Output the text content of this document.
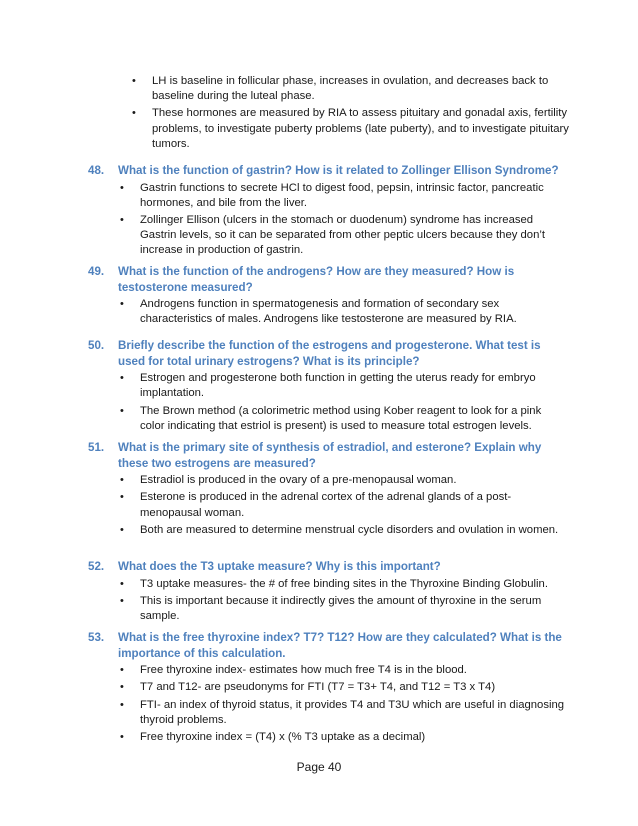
• LH is baseline in follicular phase, increases in ovulation, and decreases back to baseline during the luteal phase.
• These hormones are measured by RIA to assess pituitary and gonadal axis, fertility problems, to investigate puberty problems (late puberty), and to investigate pituitary tumors.
48.	What is the function of gastrin? How is it related to Zollinger Ellison Syndrome?
• Gastrin functions to secrete HCl to digest food, pepsin, intrinsic factor, pancreatic hormones, and bile from the liver.
• Zollinger Ellison (ulcers in the stomach or duodenum) syndrome has increased Gastrin levels, so it can be separated from other peptic ulcers because they don’t increase in production of gastrin.
49.	What is the function of the androgens? How are they measured? How is testosterone measured?
• Androgens function in spermatogenesis and formation of secondary sex characteristics of males. Androgens like testosterone are measured by RIA.
50.	Briefly describe the function of the estrogens and progesterone. What test is used for total urinary estrogens? What is its principle?
• Estrogen and progesterone both function in getting the uterus ready for embryo implantation.
• The Brown method (a colorimetric method using Kober reagent to look for a pink color indicating that estriol is present) is used to measure total estrogen levels.
51.	What is the primary site of synthesis of estradiol, and esterone? Explain why these two estrogens are measured?
• Estradiol is produced in the ovary of a pre-menopausal woman.
• Esterone is produced in the adrenal cortex of the adrenal glands of a post-menopausal woman.
• Both are measured to determine menstrual cycle disorders and ovulation in women.
52.	What does the T3 uptake measure? Why is this important?
• T3 uptake measures- the # of free binding sites in the Thyroxine Binding Globulin.
• This is important because it indirectly gives the amount of thyroxine in the serum sample.
53.	What is the free thyroxine index? T7? T12? How are they calculated? What is the importance of this calculation.
• Free thyroxine index- estimates how much free T4 is in the blood.
• T7 and T12- are pseudonyms for FTI (T7 = T3+ T4, and T12 = T3 x T4)
• FTI- an index of thyroid status, it provides T4 and T3U which are useful in diagnosing thyroid problems.
• Free thyroxine index = (T4) x (% T3 uptake as a decimal)
Page 40
